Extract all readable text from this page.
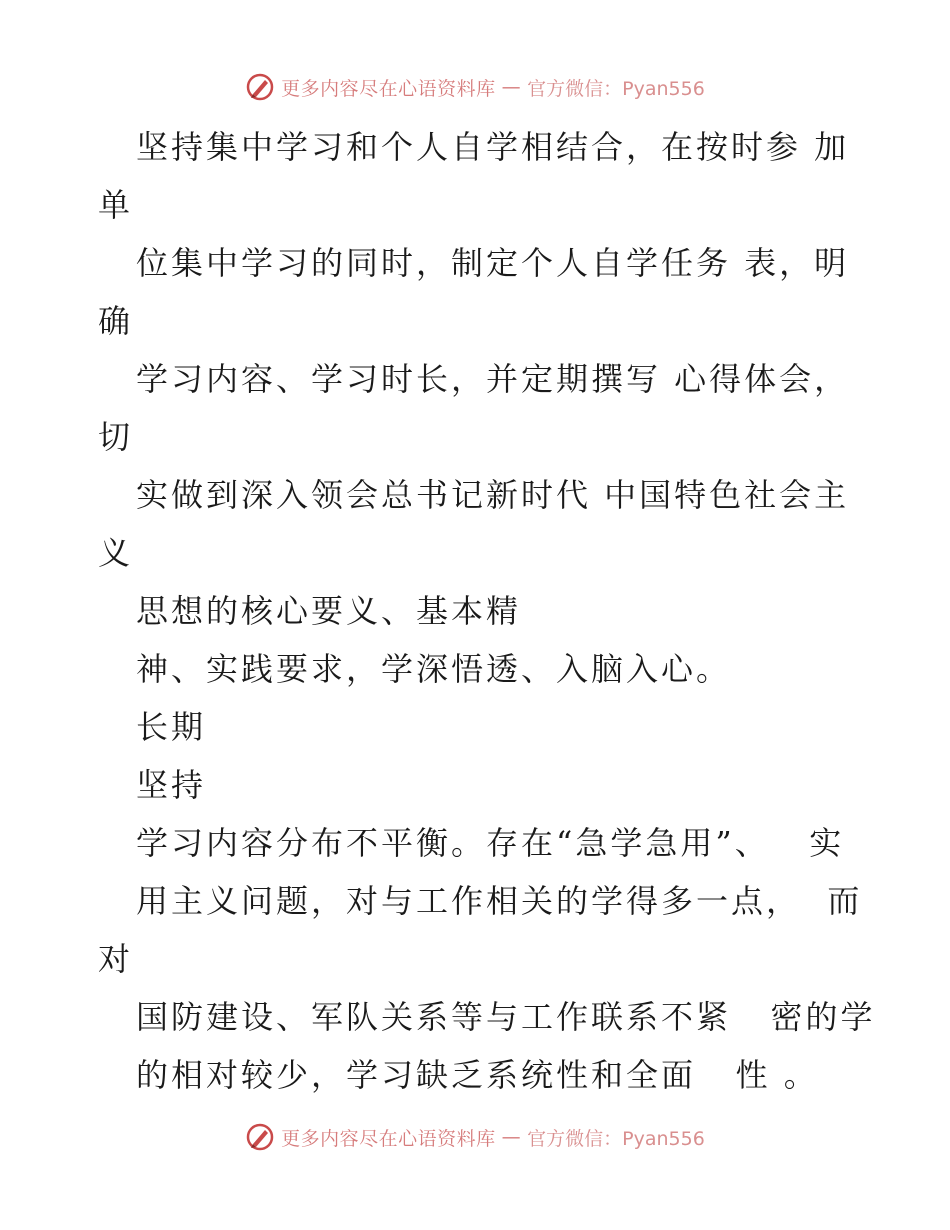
更多内容尽在心语资料库 — 官方微信：Pyan556
坚持集中学习和个人自学相结合，在按时参 加
单
位集中学习的同时，制定个人自学任务 表，明
确
学习内容、学习时长，并定期撰写 心得体会，
切
实做到深入领会总书记新时代 中国特色社会主
义
思想的核心要义、基本精
神、实践要求，学深悟透、入脑入心。
长期
坚持
学习内容分布不平衡。存在“急学急用”、   实
用主义问题，对与工作相关的学得多一点，  而
对
国防建设、军队关系等与工作联系不紧   密的学
的相对较少，学习缺乏系统性和全面   性 。
更多内容尽在心语资料库 — 官方微信：Pyan556
